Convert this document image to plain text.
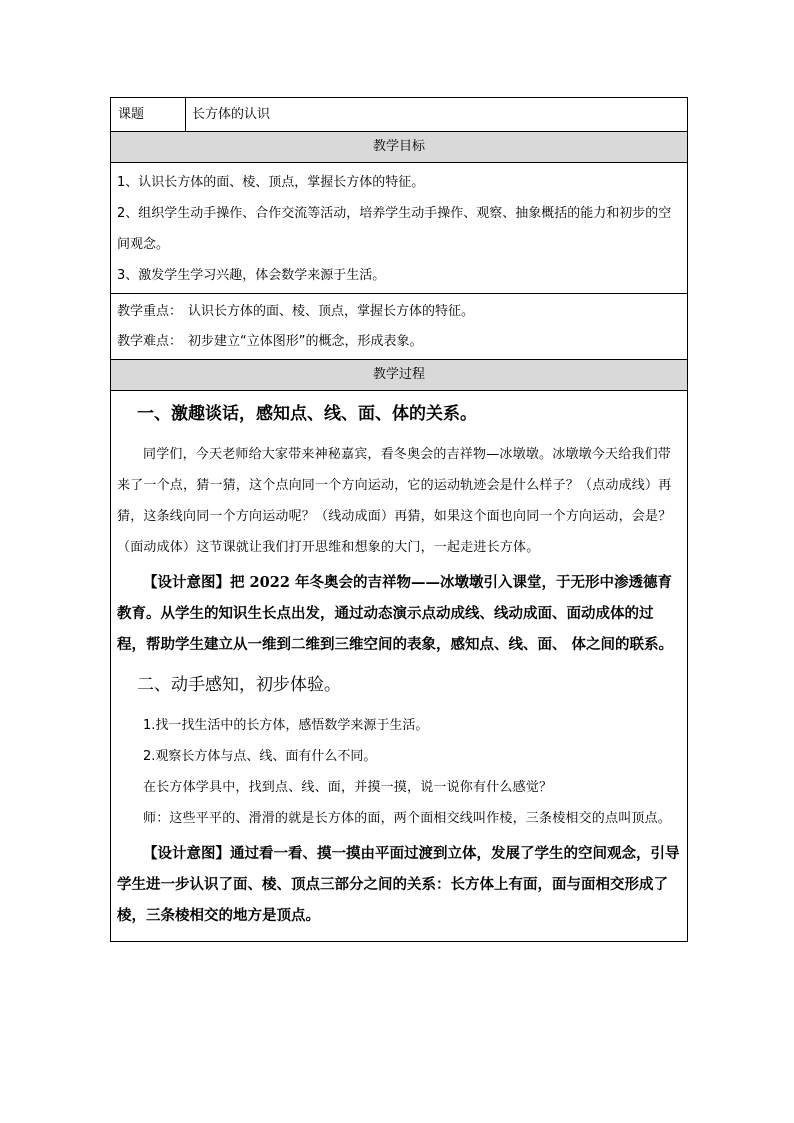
课题	长方体的认识
教学目标

1、认识长方体的面、棱、顶点，掌握长方体的特征。

2、组织学生动手操作、合作交流等活动，培养学生动手操作、观察、抽象概括的能力和初步的空间观念。

3、激发学生学习兴趣，体会数学来源于生活。

教学重点： 认识长方体的面、棱、顶点，掌握长方体的特征。

教学难点： 初步建立“立体图形”的概念，形成表象。

教学过程

一、激趣谈话，感知点、线、面、体的关系。

同学们，今天老师给大家带来神秘嘉宾，看冬奥会的吉祥物—冰墩墩。冰墩墩今天给我们带来了一个点，猜一猜，这个点向同一个方向运动，它的运动轨迹会是什么样子？（点动成线）再猜，这条线向同一个方向运动呢？（线动成面）再猜，如果这个面也向同一个方向运动，会是？（面动成体）这节课就让我们打开思维和想象的大门，一起走进长方体。

【设计意图】把 2022 年冬奥会的吉祥物——冰墩墩引入课堂，于无形中渗透德育教育。从学生的知识生长点出发，通过动态演示点动成线、线动成面、面动成体的过程，帮助学生建立从一维到二维到三维空间的表象，感知点、线、面、 体之间的联系。

二、动手感知，初步体验。

1.找一找生活中的长方体，感悟数学来源于生活。

2.观察长方体与点、线、面有什么不同。

在长方体学具中，找到点、线、面，并摸一摸，说一说你有什么感觉？

师：这些平平的、滑滑的就是长方体的面，两个面相交线叫作棱，三条棱相交的点叫顶点。

【设计意图】通过看一看、摸一摸由平面过渡到立体，发展了学生的空间观念，引导学生进一步认识了面、棱、顶点三部分之间的关系：长方体上有面，面与面相交形成了棱，三条棱相交的地方是顶点。
